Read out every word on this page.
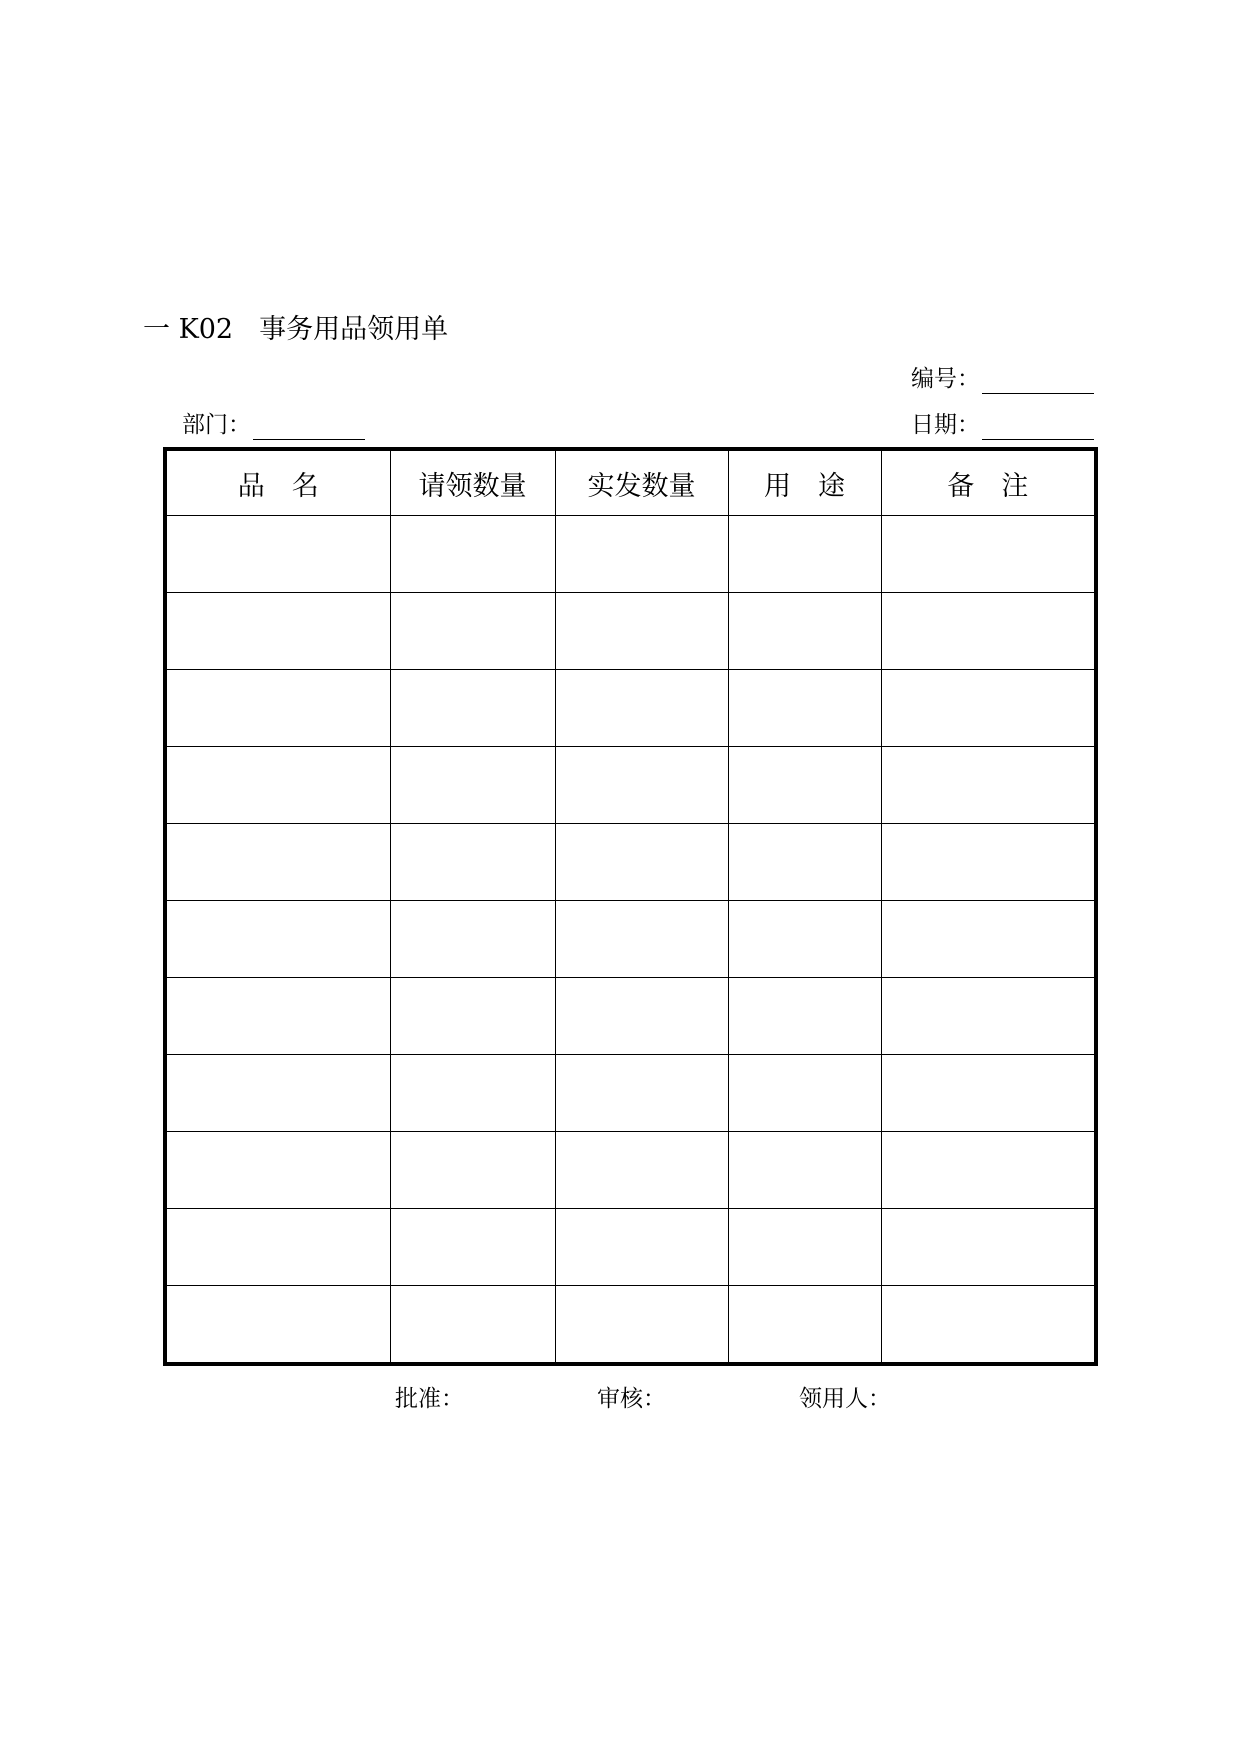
一 K02 事务用品领用单
编号：
部门：	日期：
品　名	请领数量	实发数量	用　途	备　注

批准：	审核：	领用人：
